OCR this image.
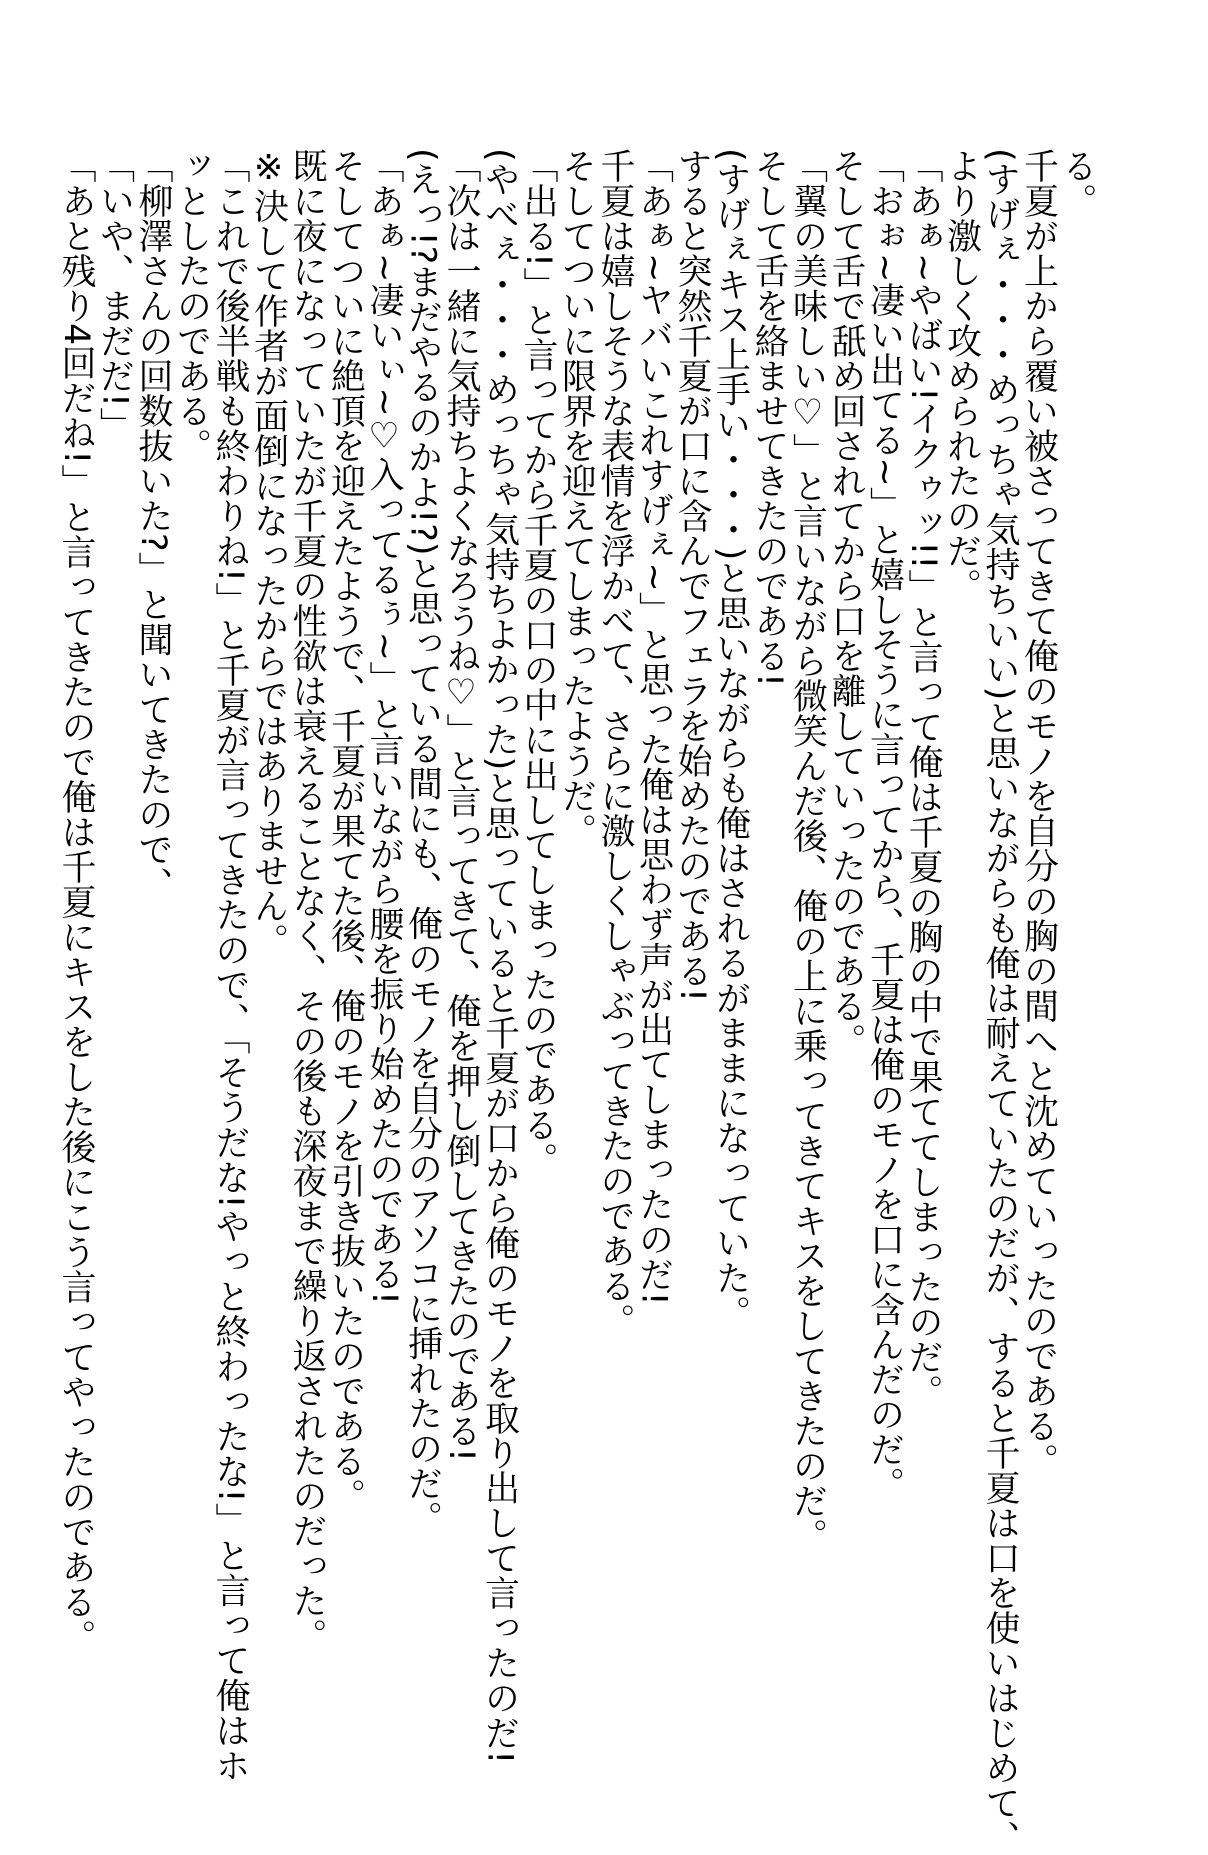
る。
千夏が上から覆い被さってきて俺のモノを自分の胸の間へと沈めていったのである。
(すげぇ・・・めっちゃ気持ちいい)と思いながらも俺は耐えていたのだが、すると千夏は口を使いはじめて、
より激しく攻められたのだ。
「あぁ~やばい!イクゥッ!!」と言って俺は千夏の胸の中で果ててしまったのだ。
「おぉ~凄い出てる~」と嬉しそうに言ってから、千夏は俺のモノを口に含んだのだ。
そして舌で舐め回されてから口を離していったのである。
「翼の美味しい♡」と言いながら微笑んだ後、俺の上に乗ってきてキスをしてきたのだ。
そして舌を絡ませてきたのである!
(すげぇキス上手い・・・)と思いながらも俺はされるがままになっていた。
すると突然千夏が口に含んでフェラを始めたのである!
「あぁ~ヤバいこれすげぇ~」と思った俺は思わず声が出てしまったのだ!
千夏は嬉しそうな表情を浮かべて、さらに激しくしゃぶってきたのである。
そしてついに限界を迎えてしまったようだ。
「出る!」と言ってから千夏の口の中に出してしまったのである。
(やべぇ・・・めっちゃ気持ちよかった)と思っていると千夏が口から俺のモノを取り出して言ったのだ!
「次は一緒に気持ちよくなろうね♡」と言ってきて、俺を押し倒してきたのである!
(えっ!?まだやるのかよ!?)と思っている間にも、俺のモノを自分のアソコに挿れたのだ。
「あぁ~凄いぃ~♡入ってるぅ~」と言いながら腰を振り始めたのである!
そしてついに絶頂を迎えたようで、千夏が果てた後、俺のモノを引き抜いたのである。
既に夜になっていたが千夏の性欲は衰えることなく、その後も深夜まで繰り返されたのだった。
※決して作者が面倒になったからではありません。
「これで後半戦も終わりね!」と千夏が言ってきたので、「そうだな!やっと終わったな!」と言って俺はホ
ッとしたのである。
「柳澤さんの回数抜いた?」と聞いてきたので、
「いや、まだだ!」
「あと残り4回だね!」と言ってきたので俺は千夏にキスをした後にこう言ってやったのである。
